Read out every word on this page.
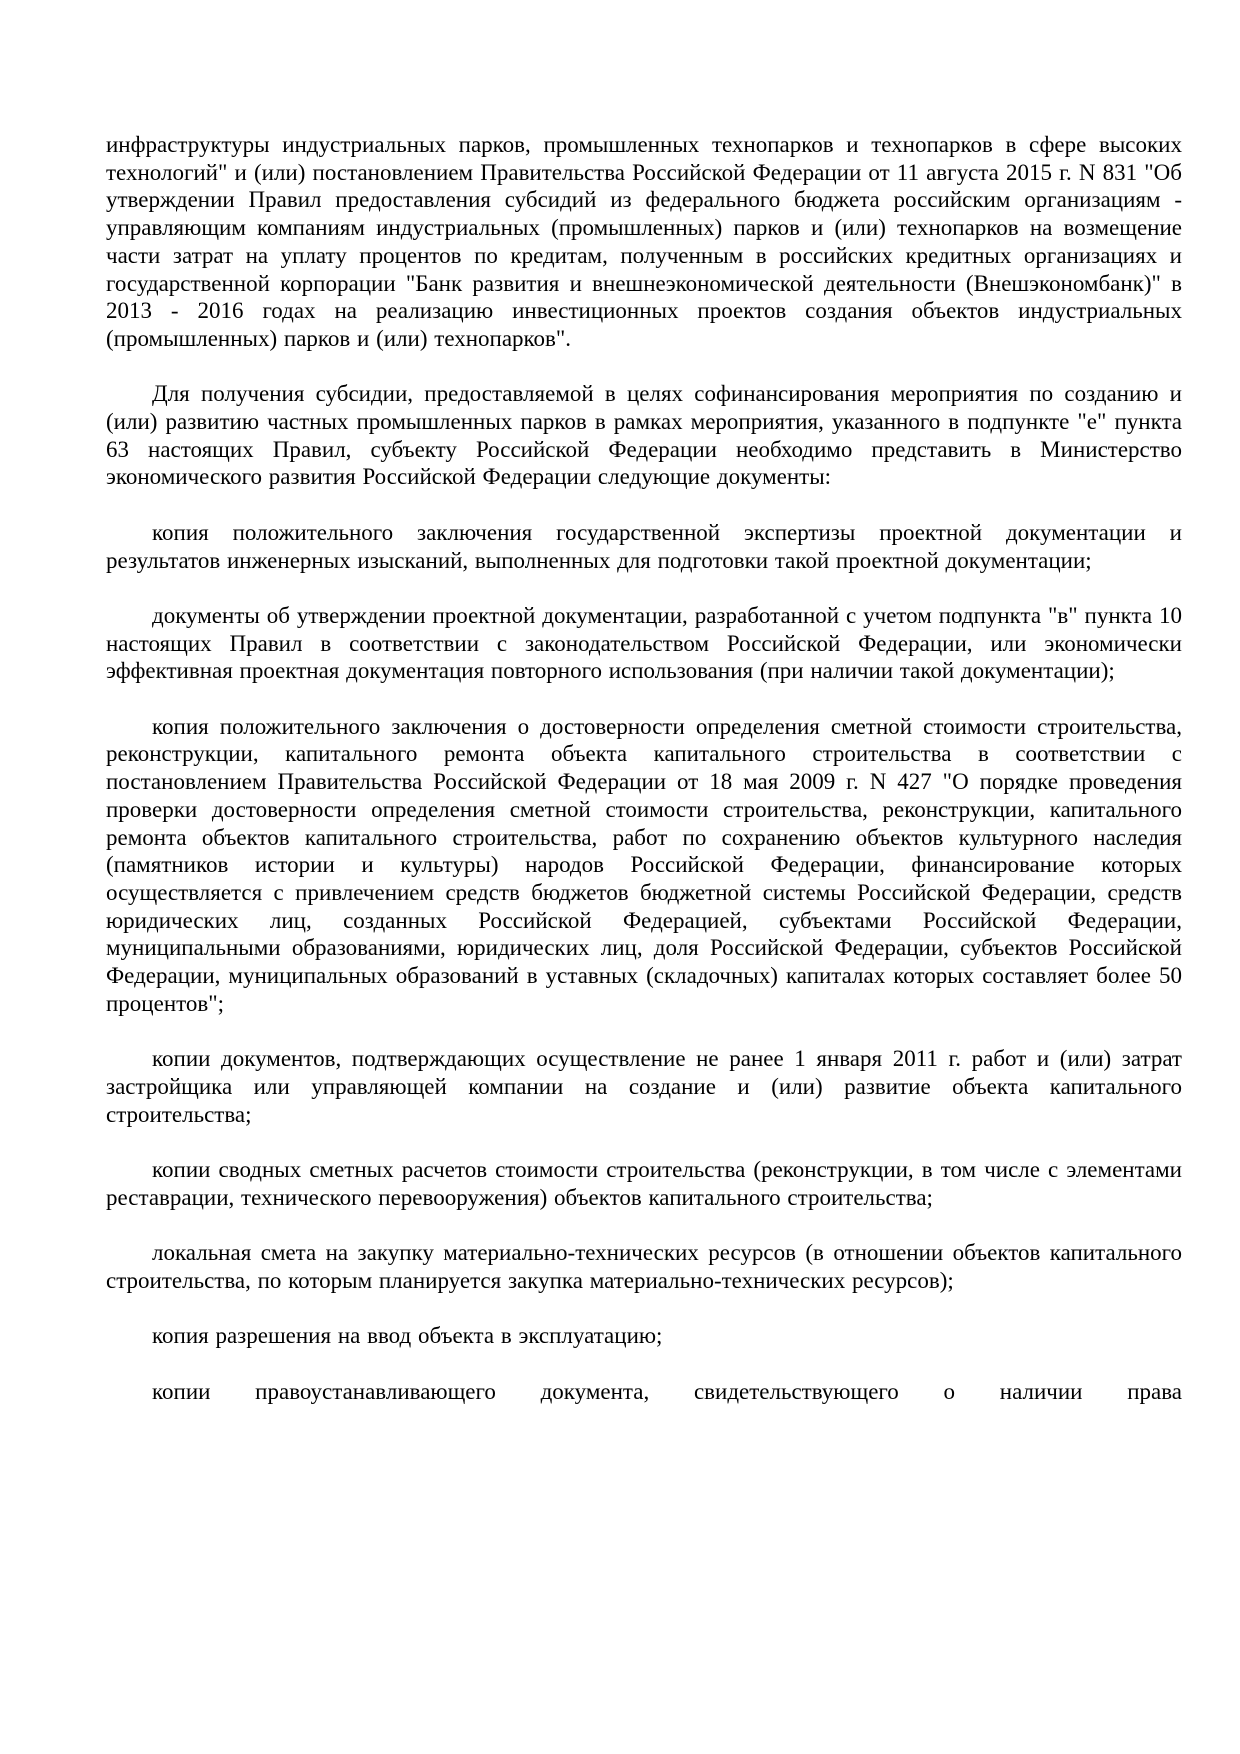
инфраструктуры индустриальных парков, промышленных технопарков и технопарков в сфере высоких технологий" и (или) постановлением Правительства Российской Федерации от 11 августа 2015 г. N 831 "Об утверждении Правил предоставления субсидий из федерального бюджета российским организациям - управляющим компаниям индустриальных (промышленных) парков и (или) технопарков на возмещение части затрат на уплату процентов по кредитам, полученным в российских кредитных организациях и государственной корпорации "Банк развития и внешнеэкономической деятельности (Внешэкономбанк)" в 2013 - 2016 годах на реализацию инвестиционных проектов создания объектов индустриальных (промышленных) парков и (или) технопарков".

Для получения субсидии, предоставляемой в целях софинансирования мероприятия по созданию и (или) развитию частных промышленных парков в рамках мероприятия, указанного в подпункте "е" пункта 63 настоящих Правил, субъекту Российской Федерации необходимо представить в Министерство экономического развития Российской Федерации следующие документы:

копия положительного заключения государственной экспертизы проектной документации и результатов инженерных изысканий, выполненных для подготовки такой проектной документации;

документы об утверждении проектной документации, разработанной с учетом подпункта "в" пункта 10 настоящих Правил в соответствии с законодательством Российской Федерации, или экономически эффективная проектная документация повторного использования (при наличии такой документации);

копия положительного заключения о достоверности определения сметной стоимости строительства, реконструкции, капитального ремонта объекта капитального строительства в соответствии с постановлением Правительства Российской Федерации от 18 мая 2009 г. N 427 "О порядке проведения проверки достоверности определения сметной стоимости строительства, реконструкции, капитального ремонта объектов капитального строительства, работ по сохранению объектов культурного наследия (памятников истории и культуры) народов Российской Федерации, финансирование которых осуществляется с привлечением средств бюджетов бюджетной системы Российской Федерации, средств юридических лиц, созданных Российской Федерацией, субъектами Российской Федерации, муниципальными образованиями, юридических лиц, доля Российской Федерации, субъектов Российской Федерации, муниципальных образований в уставных (складочных) капиталах которых составляет более 50 процентов";

копии документов, подтверждающих осуществление не ранее 1 января 2011 г. работ и (или) затрат застройщика или управляющей компании на создание и (или) развитие объекта капитального строительства;

копии сводных сметных расчетов стоимости строительства (реконструкции, в том числе с элементами реставрации, технического перевооружения) объектов капитального строительства;

локальная смета на закупку материально-технических ресурсов (в отношении объектов капитального строительства, по которым планируется закупка материально-технических ресурсов);

копия разрешения на ввод объекта в эксплуатацию;

копии правоустанавливающего документа, свидетельствующего о наличии права
